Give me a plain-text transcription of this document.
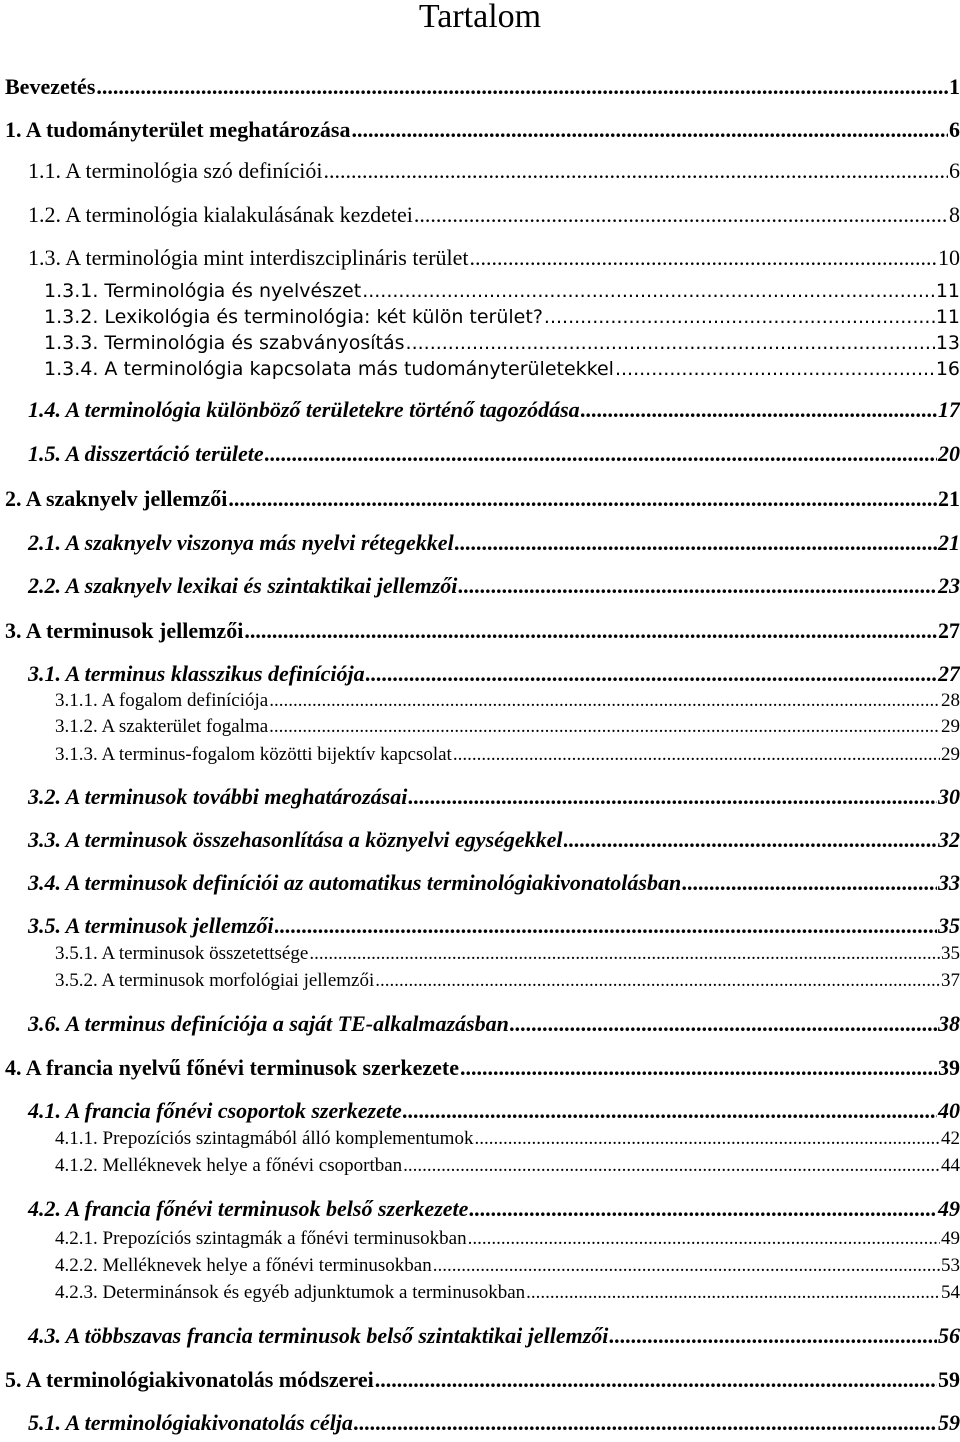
Tartalom
Bevezetés .....	1
1. A tudományterület meghatározása .....	6
1.1. A terminológia szó definíciói .....	6
1.2. A terminológia kialakulásának kezdetei .....	8
1.3. A terminológia mint interdiszciplináris terület .....	10
1.3.1. Terminológia és nyelvészet .....	11
1.3.2. Lexikológia és terminológia: két külön terület? .....	11
1.3.3. Terminológia és szabványosítás .....	13
1.3.4. A terminológia kapcsolata más tudományterületekkel .....	16
1.4. A terminológia különböző területekre történő tagozódása .....	17
1.5. A disszertáció területe .....	20
2. A szaknyelv jellemzői .....	21
2.1. A szaknyelv viszonya más nyelvi rétegekkel .....	21
2.2. A szaknyelv lexikai és szintaktikai jellemzői .....	23
3. A terminusok jellemzői .....	27
3.1. A terminus klasszikus definíciója .....	27
3.1.1. A fogalom definíciója .....	28
3.1.2. A szakterület fogalma .....	29
3.1.3. A terminus-fogalom közötti bijektív kapcsolat .....	29
3.2. A terminusok további meghatározásai .....	30
3.3. A terminusok összehasonlítása a köznyelvi egységekkel .....	32
3.4. A terminusok definíciói az automatikus terminológiakivonatolásban .....	33
3.5. A terminusok jellemzői .....	35
3.5.1. A terminusok összetettsége .....	35
3.5.2. A terminusok morfológiai jellemzői .....	37
3.6. A terminus definíciója a saját TE-alkalmazásban .....	38
4. A francia nyelvű főnévi terminusok szerkezete .....	39
4.1. A francia főnévi csoportok szerkezete .....	40
4.1.1. Prepozíciós szintagmából álló komplementumok .....	42
4.1.2. Melléknevek helye a főnévi csoportban .....	44
4.2. A francia főnévi terminusok belső szerkezete .....	49
4.2.1. Prepozíciós szintagmák a főnévi terminusokban .....	49
4.2.2. Melléknevek helye a főnévi terminusokban .....	53
4.2.3. Determinánsok és egyéb adjunktumok a terminusokban .....	54
4.3. A többszavas francia terminusok belső szintaktikai jellemzői .....	56
5. A terminológiakivonatolás módszerei .....	59
5.1. A terminológiakivonatolás célja .....	59
